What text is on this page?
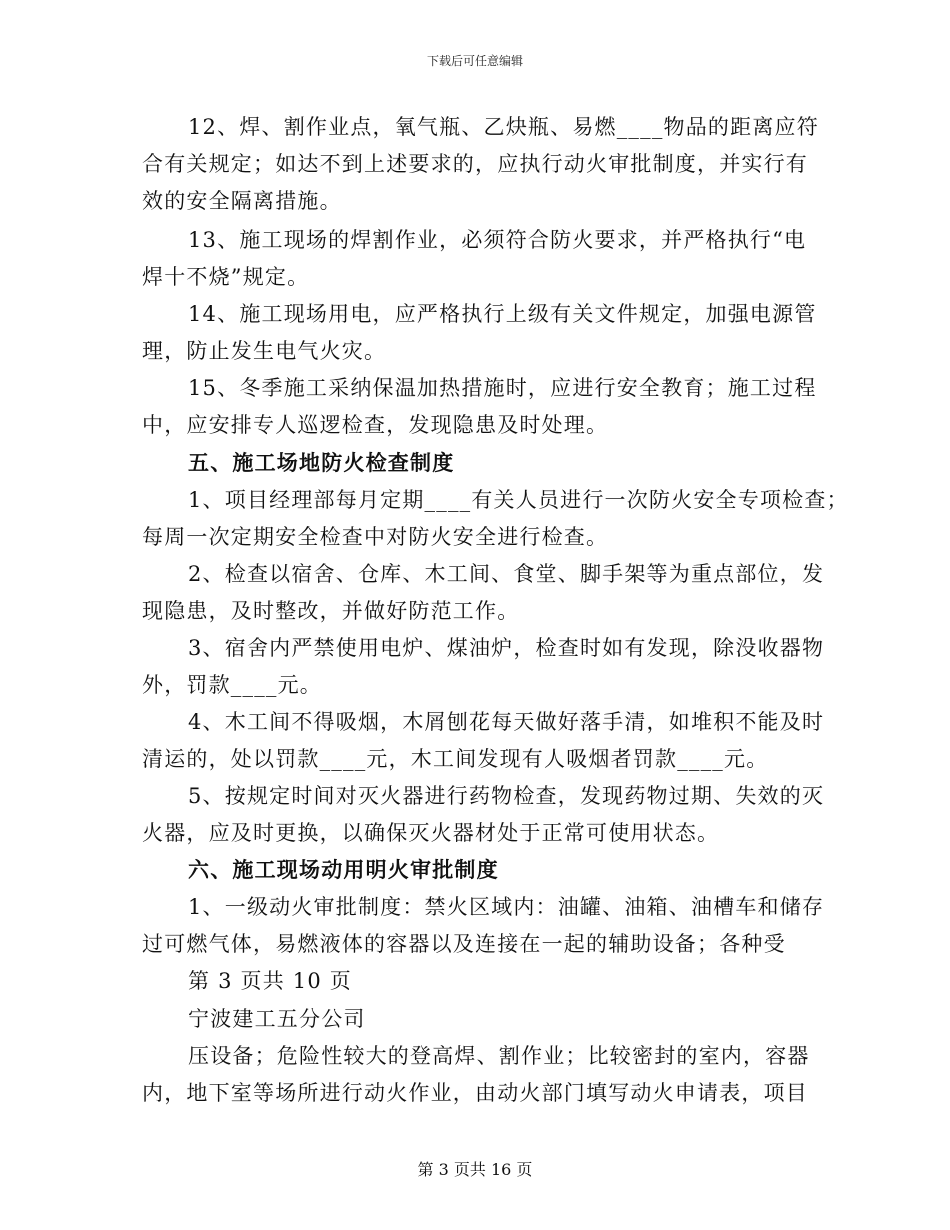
下载后可任意编辑
12、焊、割作业点，氧气瓶、乙炔瓶、易燃____物品的距离应符
合有关规定；如达不到上述要求的，应执行动火审批制度，并实行有
效的安全隔离措施。
13、施工现场的焊割作业，必须符合防火要求，并严格执行“电
焊十不烧”规定。
14、施工现场用电，应严格执行上级有关文件规定，加强电源管
理，防止发生电气火灾。
15、冬季施工采纳保温加热措施时，应进行安全教育；施工过程
中，应安排专人巡逻检查，发现隐患及时处理。
五、施工场地防火检查制度
1、项目经理部每月定期____有关人员进行一次防火安全专项检查；
每周一次定期安全检查中对防火安全进行检查。
2、检查以宿舍、仓库、木工间、食堂、脚手架等为重点部位，发
现隐患，及时整改，并做好防范工作。
3、宿舍内严禁使用电炉、煤油炉，检查时如有发现，除没收器物
外，罚款____元。
4、木工间不得吸烟，木屑刨花每天做好落手清，如堆积不能及时
清运的，处以罚款____元，木工间发现有人吸烟者罚款____元。
5、按规定时间对灭火器进行药物检查，发现药物过期、失效的灭
火器，应及时更换，以确保灭火器材处于正常可使用状态。
六、施工现场动用明火审批制度
1、一级动火审批制度：禁火区域内：油罐、油箱、油槽车和储存
过可燃气体，易燃液体的容器以及连接在一起的辅助设备；各种受
第 3 页共 10 页
宁波建工五分公司
压设备；危险性较大的登高焊、割作业；比较密封的室内，容器
内，地下室等场所进行动火作业，由动火部门填写动火申请表，项目
第 3 页共 16 页
